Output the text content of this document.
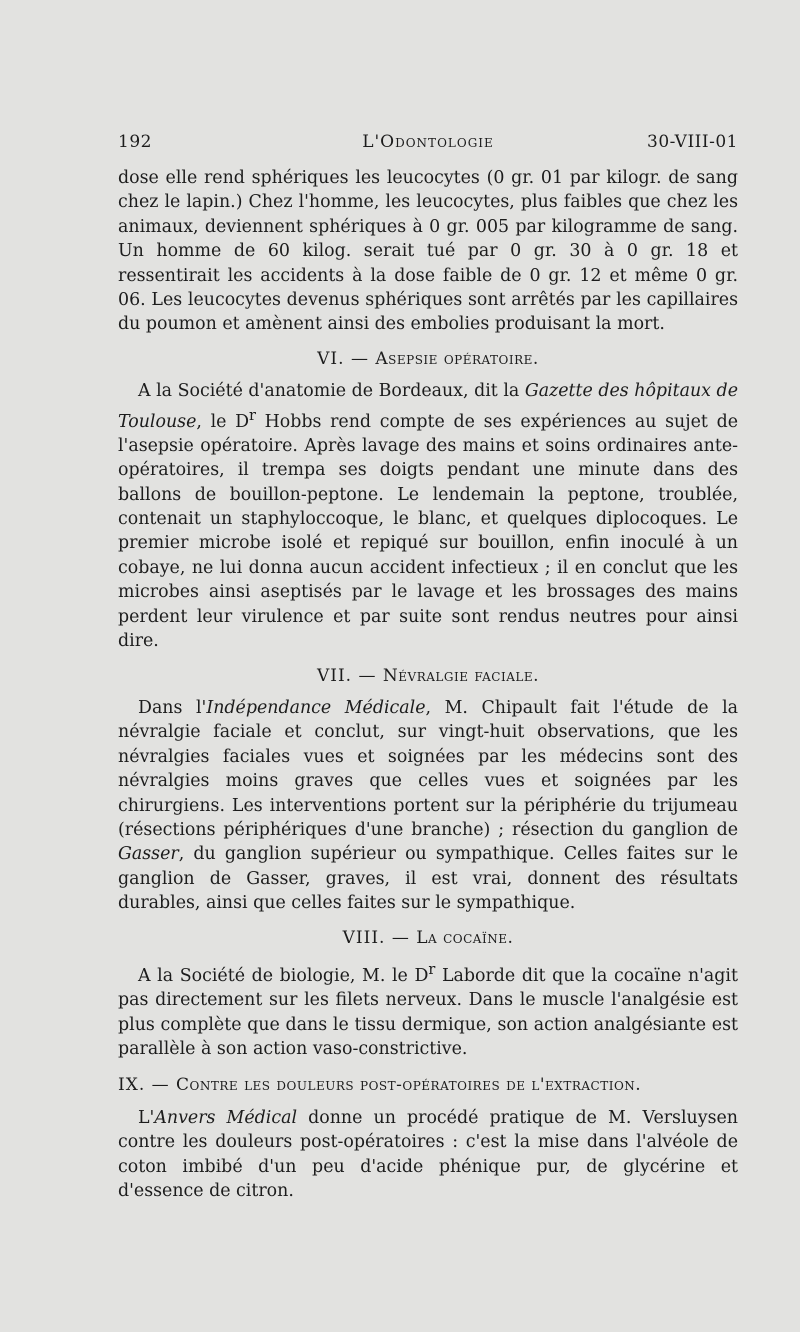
192	L'Odontologie	30-VIII-01

dose elle rend sphériques les leucocytes (0 gr. 01 par kilogr. de sang chez le lapin.) Chez l'homme, les leucocytes, plus faibles que chez les animaux, deviennent sphériques à 0 gr. 005 par kilogramme de sang. Un homme de 60 kilog. serait tué par 0 gr. 30 à 0 gr. 18 et ressentirait les accidents à la dose faible de 0 gr. 12 et même 0 gr. 06. Les leucocytes devenus sphériques sont arrêtés par les capillaires du poumon et amènent ainsi des embolies produisant la mort.

VI. — Asepsie opératoire.

A la Société d'anatomie de Bordeaux, dit la Gazette des hôpitaux de Toulouse, le $D^r$ Hobbs rend compte de ses expériences au sujet de l'asepsie opératoire. Après lavage des mains et soins ordinaires ante-opératoires, il trempa ses doigts pendant une minute dans des ballons de bouillon-peptone. Le lendemain la peptone, troublée, contenait un staphyloccoque, le blanc, et quelques diplocoques. Le premier microbe isolé et repiqué sur bouillon, enfin inoculé à un cobaye, ne lui donna aucun accident infectieux ; il en conclut que les microbes ainsi aseptisés par le lavage et les brossages des mains perdent leur virulence et par suite sont rendus neutres pour ainsi dire.

VII. — Névralgie faciale.

Dans l'Indépendance Médicale, M. Chipault fait l'étude de la névralgie faciale et conclut, sur vingt-huit observations, que les névralgies faciales vues et soignées par les médecins sont des névralgies moins graves que celles vues et soignées par les chirurgiens. Les interventions portent sur la périphérie du trijumeau (résections périphériques d'une branche) ; résection du ganglion de Gasser, du ganglion supérieur ou sympathique. Celles faites sur le ganglion de Gasser, graves, il est vrai, donnent des résultats durables, ainsi que celles faites sur le sympathique.

VIII. — La cocaïne.

A la Société de biologie, M. le $D^r$ Laborde dit que la cocaïne n'agit pas directement sur les filets nerveux. Dans le muscle l'analgésie est plus complète que dans le tissu dermique, son action analgésiante est parallèle à son action vaso-constrictive.

IX. — Contre les douleurs post-opératoires de l'extraction.

L'Anvers Médical donne un procédé pratique de M. Versluysen contre les douleurs post-opératoires : c'est la mise dans l'alvéole de coton imbibé d'un peu d'acide phénique pur, de glycérine et d'essence de citron.
